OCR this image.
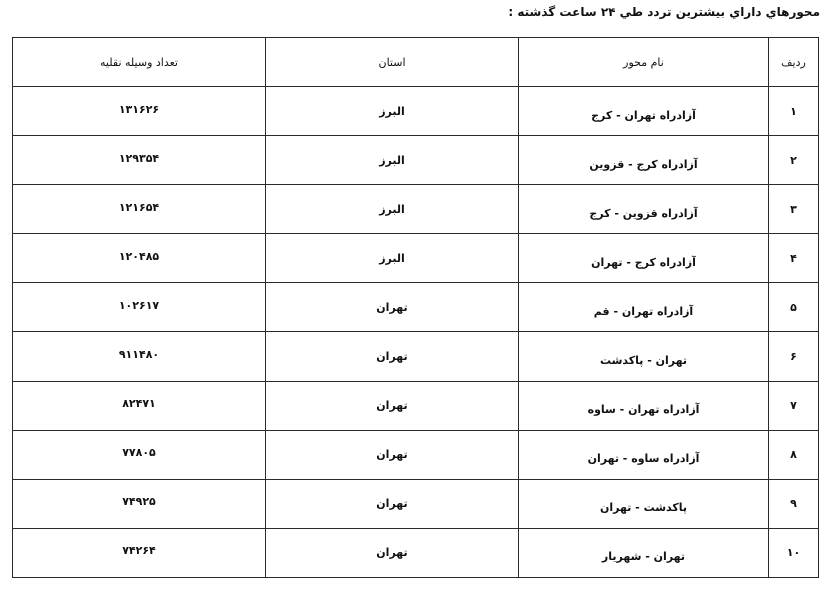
محورهاي داراي بيشترين تردد طي ۲۴ ساعت گذشته :
رديف	نام محور	استان	تعداد وسيله نقليه
۱	آزادراه تهران - کرج	البرز	۱۳۱۶۲۶
۲	آزادراه کرج - قزوين	البرز	۱۲۹۳۵۴
۳	آزادراه قزوين - کرج	البرز	۱۲۱۶۵۴
۴	آزادراه کرج - تهران	البرز	۱۲۰۴۸۵
۵	آزادراه تهران - قم	تهران	۱۰۲۶۱۷
۶	تهران - پاکدشت	تهران	۹۱۱۴۸۰
۷	آزادراه تهران - ساوه	تهران	۸۲۴۷۱
۸	آزادراه ساوه - تهران	تهران	۷۷۸۰۵
۹	پاکدشت - تهران	تهران	۷۴۹۲۵
۱۰	تهران - شهريار	تهران	۷۴۲۶۴
